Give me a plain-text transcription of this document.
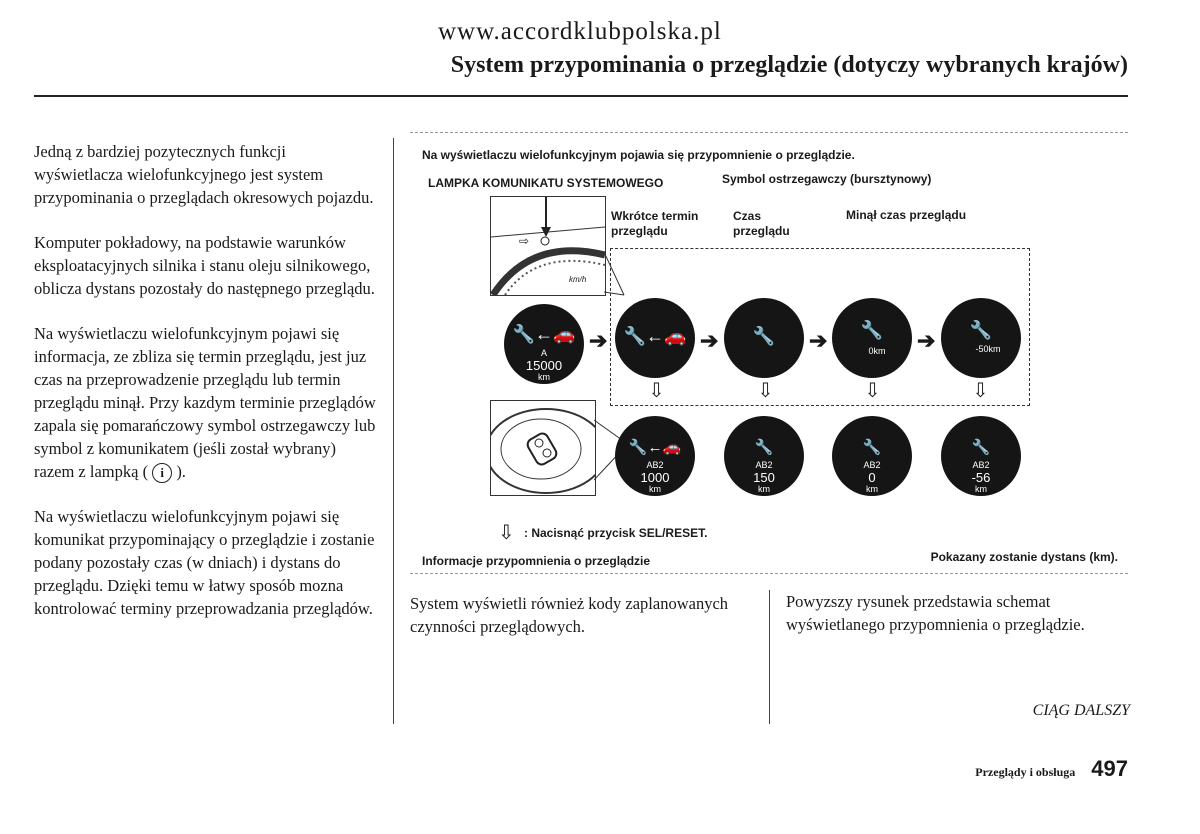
www.accordklubpolska.pl
System przypominania o przeglądzie (dotyczy wybranych krajów)

Jedną z bardziej pozytecznych funkcji wyświetlacza wielofunkcyjnego jest system przypominania o przeglądach okresowych pojazdu.

Komputer pokładowy, na podstawie warunków eksploatacyjnych silnika i stanu oleju silnikowego, oblicza dystans pozostały do następnego przeglądu.

Na wyświetlaczu wielofunkcyjnym pojawi się informacja, ze zbliza się termin przeglądu, jest juz czas na przeprowadzenie przeglądu lub termin przeglądu minął. Przy kazdym terminie przeglądów zapala się pomarańczowy symbol ostrzegawczy lub symbol z komunikatem (jeśli został wybrany) razem z lampką ( i ).

Na wyświetlaczu wielofunkcyjnym pojawi się komunikat przypominający o przeglądzie i zostanie podany pozostały czas (w dniach) i dystans do przeglądu. Dzięki temu w łatwy sposób mozna kontrolować terminy przeprowadzania przeglądów.

Na wyświetlaczu wielofunkcyjnym pojawia się przypomnienie o przeglądzie.
LAMPKA KOMUNIKATU SYSTEMOWEGO	Symbol ostrzegawczy (bursztynowy)
Wkrótce termin przeglądu
Czas przeglądu
Minął czas przeglądu
⇨
km/h
🔧←🚗
A
15000
km
➔ 🔧←🚗 ➔	🔧	➔	🔧
0km	➔	🔧
-50km
⇩	⇩	⇩	⇩
🔧←🚗
AB2
1000
km
🔧
AB2
150
km
🔧
AB2
0
km
🔧
AB2
-56
km
⇩ : Nacisnąć przycisk SEL/RESET.
Informacje przypomnienia o przeglądzie	Pokazany zostanie dystans (km).
System wyświetli również kody zaplanowanych czynności przeglądowych.
Powyzszy rysunek przedstawia schemat wyświetlanego przypomnienia o przeglądzie.
CIĄG DALSZY
Przeglądy i obsługa 497
